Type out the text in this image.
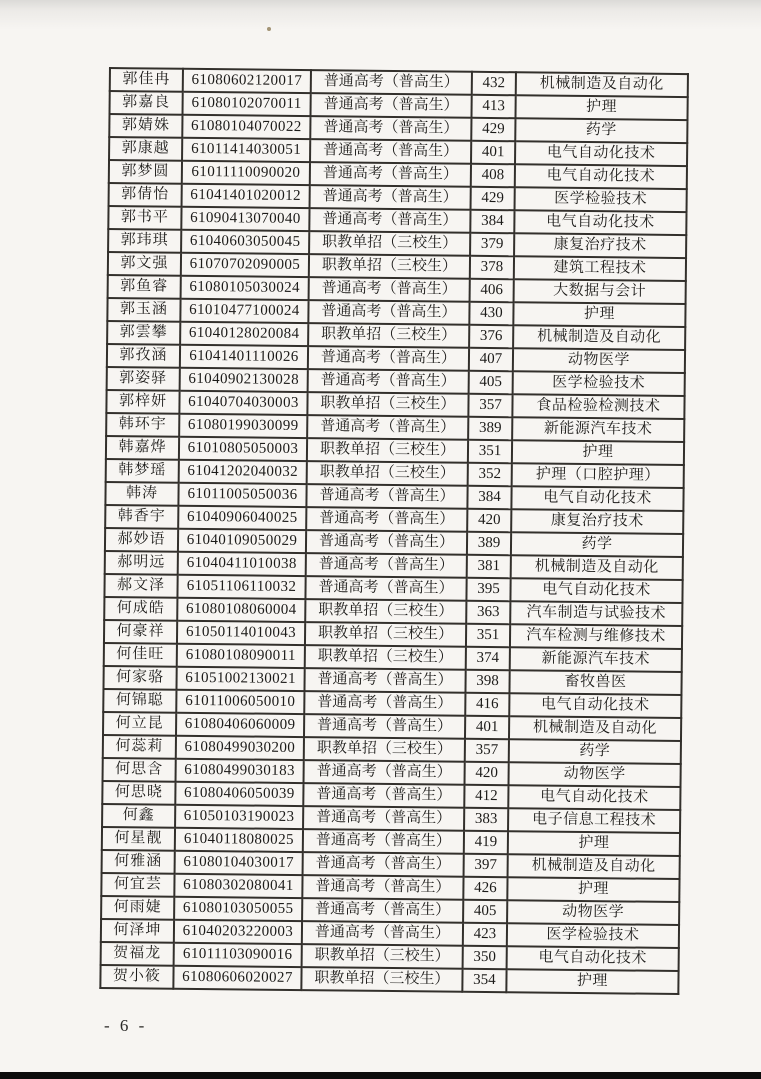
郭佳冉	61080602120017	普通高考（普高生）	432	机械制造及自动化
郭嘉良	61080102070011	普通高考（普高生）	413	护理
郭婧姝	61080104070022	普通高考（普高生）	429	药学
郭康越	61011414030051	普通高考（普高生）	401	电气自动化技术
郭梦圆	61011110090020	普通高考（普高生）	408	电气自动化技术
郭倩怡	61041401020012	普通高考（普高生）	429	医学检验技术
郭书平	61090413070040	普通高考（普高生）	384	电气自动化技术
郭玮琪	61040603050045	职教单招（三校生）	379	康复治疗技术
郭文强	61070702090005	职教单招（三校生）	378	建筑工程技术
郭鱼睿	61080105030024	普通高考（普高生）	406	大数据与会计
郭玉涵	61010477100024	普通高考（普高生）	430	护理
郭雲攀	61040128020084	职教单招（三校生）	376	机械制造及自动化
郭孜涵	61041401110026	普通高考（普高生）	407	动物医学
郭姿驿	61040902130028	普通高考（普高生）	405	医学检验技术
郭梓妍	61040704030003	职教单招（三校生）	357	食品检验检测技术
韩环宇	61080199030099	普通高考（普高生）	389	新能源汽车技术
韩嘉烨	61010805050003	职教单招（三校生）	351	护理
韩梦瑶	61041202040032	职教单招（三校生）	352	护理（口腔护理）
韩涛	61011005050036	普通高考（普高生）	384	电气自动化技术
韩香宇	61040906040025	普通高考（普高生）	420	康复治疗技术
郝妙语	61040109050029	普通高考（普高生）	389	药学
郝明远	61040411010038	普通高考（普高生）	381	机械制造及自动化
郝文泽	61051106110032	普通高考（普高生）	395	电气自动化技术
何成皓	61080108060004	职教单招（三校生）	363	汽车制造与试验技术
何豪祥	61050114010043	职教单招（三校生）	351	汽车检测与维修技术
何佳旺	61080108090011	职教单招（三校生）	374	新能源汽车技术
何家骆	61051002130021	普通高考（普高生）	398	畜牧兽医
何锦聪	61011006050010	普通高考（普高生）	416	电气自动化技术
何立昆	61080406060009	普通高考（普高生）	401	机械制造及自动化
何蕊莉	61080499030200	职教单招（三校生）	357	药学
何思含	61080499030183	普通高考（普高生）	420	动物医学
何思晓	61080406050039	普通高考（普高生）	412	电气自动化技术
何鑫	61050103190023	普通高考（普高生）	383	电子信息工程技术
何星靓	61040118080025	普通高考（普高生）	419	护理
何雅涵	61080104030017	普通高考（普高生）	397	机械制造及自动化
何宜芸	61080302080041	普通高考（普高生）	426	护理
何雨婕	61080103050055	普通高考（普高生）	405	动物医学
何泽坤	61040203220003	普通高考（普高生）	423	医学检验技术
贺福龙	61011103090016	职教单招（三校生）	350	电气自动化技术
贺小筱	61080606020027	职教单招（三校生）	354	护理
- 6 -
